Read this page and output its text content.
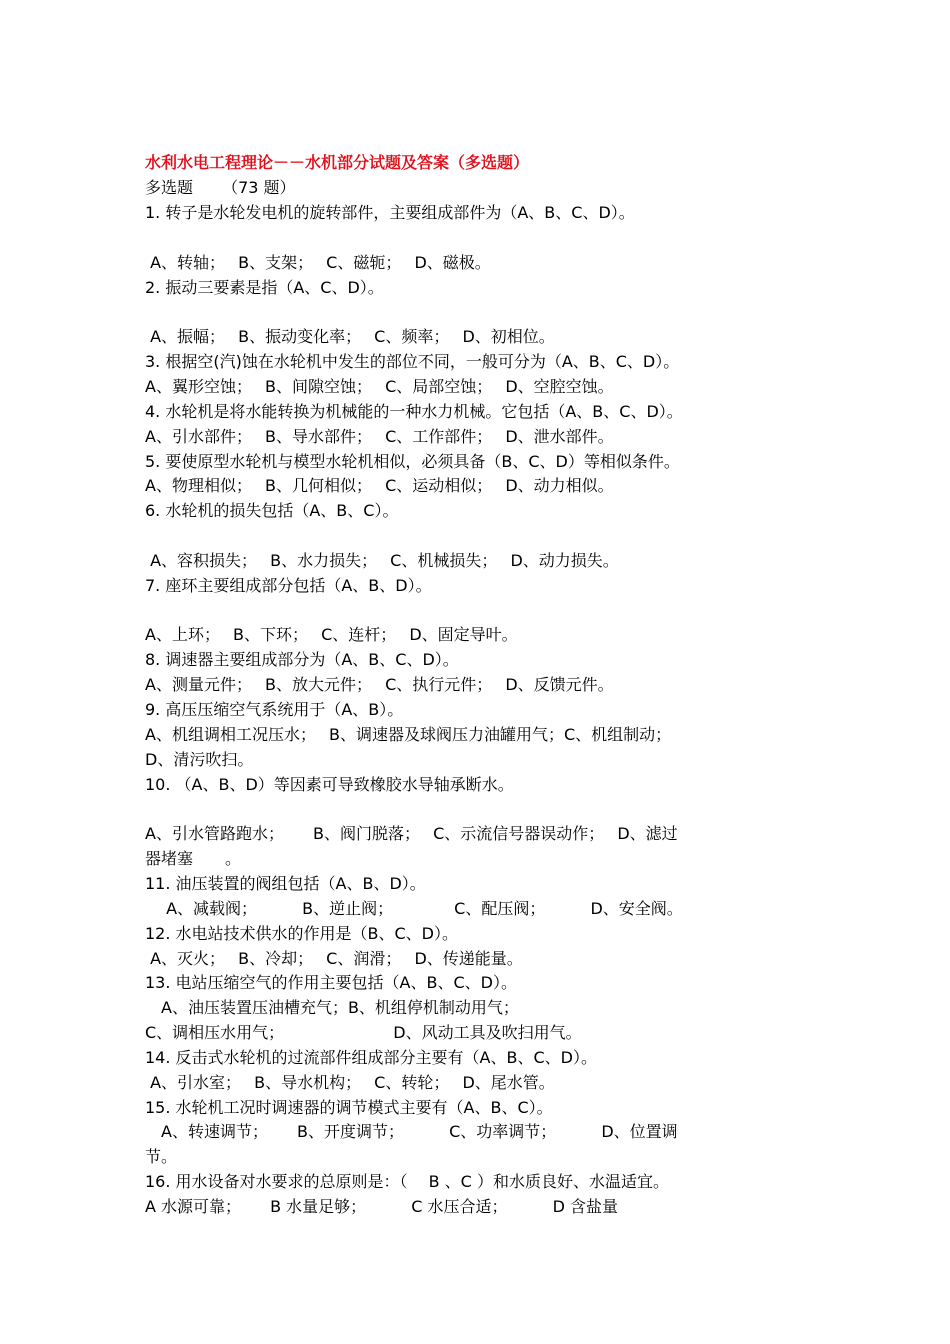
水利水电工程理论－－水机部分试题及答案（多选题）
多选题 　　（73 题）
1. 转子是水轮发电机的旋转部件，主要组成部件为（A、B、C、D）。
A、转轴；　 B、支架；　 C、磁轭；　 D、磁极。
2. 振动三要素是指（A、C、D）。
A、振幅；　 B、振动变化率；　 C、频率；　 D、初相位。
3. 根据空(汽)蚀在水轮机中发生的部位不同，一般可分为（A、B、C、D）。
A、翼形空蚀；　 B、间隙空蚀；　 C、局部空蚀；　 D、空腔空蚀。
4. 水轮机是将水能转换为机械能的一种水力机械。它包括（A、B、C、D）。
A、引水部件；　 B、导水部件；　 C、工作部件；　 D、泄水部件。
5. 要使原型水轮机与模型水轮机相似，必须具备（B、C、D）等相似条件。
A、物理相似；　 B、几何相似；　 C、运动相似；　 D、动力相似。
6. 水轮机的损失包括（A、B、C）。
A、容积损失；　 B、水力损失；　 C、机械损失；　 D、动力损失。
7. 座环主要组成部分包括（A、B、D）。
A、上环；　 B、下环；　 C、连杆；　 D、固定导叶。
8. 调速器主要组成部分为（A、B、C、D）。
A、测量元件；　 B、放大元件；　 C、执行元件；　 D、反馈元件。
9. 高压压缩空气系统用于（A、B）。
A、机组调相工况压水；　 B、调速器及球阀压力油罐用气；C、机组制动；
D、清污吹扫。
10. （A、B、D）等因素可导致橡胶水导轴承断水。
A、引水管路跑水；　　 B、阀门脱落；　 C、示流信号器误动作；　 D、滤过
器堵塞　　。
11. 油压装置的阀组包括（A、B、D）。
　 A、减载阀；　　　 B、逆止阀；　　　　 C、配压阀；　　　 D、安全阀。
12. 水电站技术供水的作用是（B、C、D）。
A、灭火；　 B、冷却；　 C、润滑；　 D、传递能量。
13. 电站压缩空气的作用主要包括（A、B、C、D）。
　A、油压装置压油槽充气；B、机组停机制动用气；
C、调相压水用气；　　　　　　　 D、风动工具及吹扫用气。
14. 反击式水轮机的过流部件组成部分主要有（A、B、C、D）。
A、引水室；　 B、导水机构；　 C、转轮；　 D、尾水管。
15. 水轮机工况时调速器的调节模式主要有（A、B、C）。
　A、转速调节；　　 B、开度调节；　　　 C、功率调节；　　　 D、位置调
节。
16. 用水设备对水要求的总原则是：（　 B 、C ）和水质良好、水温适宜。
A 水源可靠；　　 B 水量足够；　　　 C 水压合适；　　　 D 含盐量
